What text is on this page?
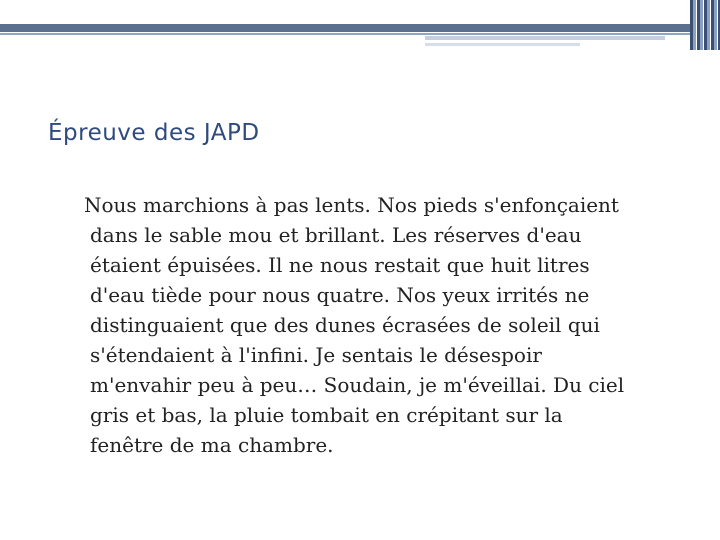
Épreuve des JAPD
Nous marchions à pas lents. Nos pieds s'enfonçaient
dans le sable mou et brillant. Les réserves d'eau
étaient épuisées. Il ne nous restait que huit litres
d'eau tiède pour nous quatre. Nos yeux irrités ne
distinguaient que des dunes écrasées de soleil qui
s'étendaient à l'infini. Je sentais le désespoir
m'envahir peu à peu… Soudain, je m'éveillai. Du ciel
gris et bas, la pluie tombait en crépitant sur la
fenêtre de ma chambre.
